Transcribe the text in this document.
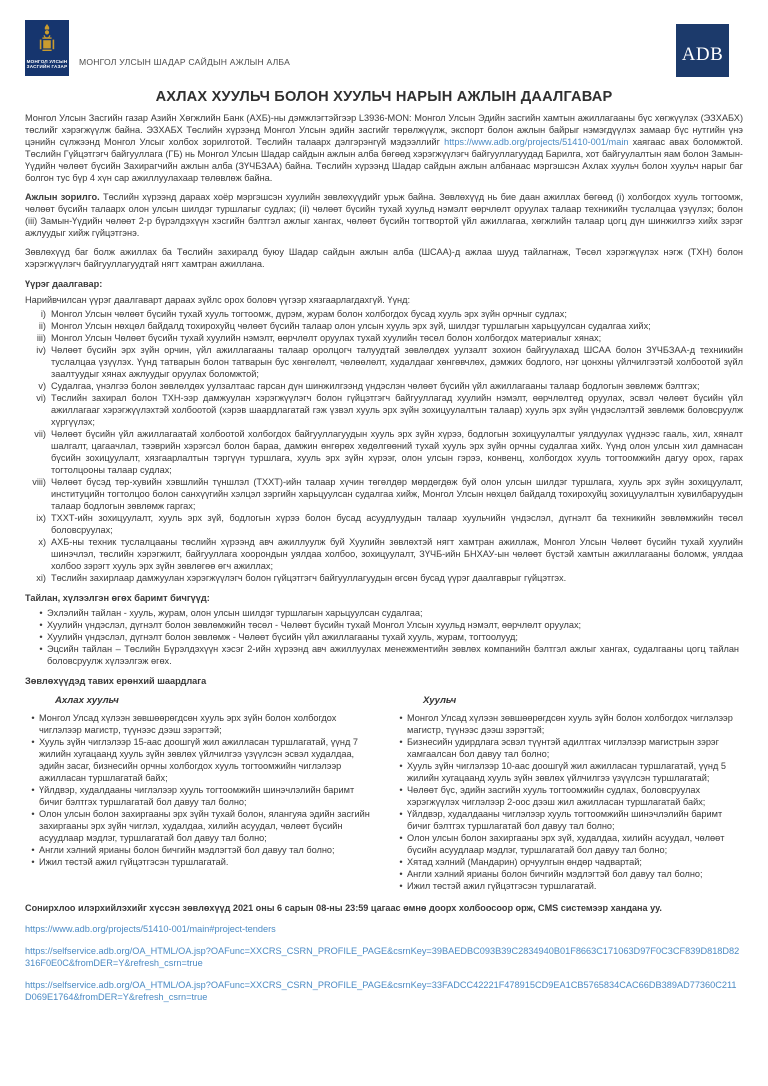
МОНГОЛ УЛСЫН
ЗАСГИЙН ГАЗАР МОНГОЛ УЛСЫН ШАДАР САЙДЫН АЖЛЫН АЛБА	ADB
АХЛАХ ХУУЛЬЧ БОЛОН ХУУЛЬЧ НАРЫН АЖЛЫН ДААЛГАВАР

Монгол Улсын Засгийн газар Азийн Хөгжлийн Банк (АХБ)-ны дэмжлэгтэйгээр L3936-MON: Монгол Улсын Эдийн засгийн хамтын ажиллагааны бүс хөгжүүлэх (ЭЗХАБХ) төслийг хэрэгжүүлж байна. ЭЗХАБХ Төслийн хүрээнд Монгол Улсын эдийн засгийг төрөлжүүлж, экспорт болон ажлын байрыг нэмэгдүүлэх замаар бүс нутгийн үнэ цэнийн сүлжээнд Монгол Улсыг холбох зорилготой. Төслийн талаарх дэлгэрэнгүй мэдээллийг https://www.adb.org/projects/51410-001/main хаягаас авах боломжтой. Төслийн Гүйцэтгэгч байгууллага (ГБ) нь Монгол Улсын Шадар сайдын ажлын алба бөгөөд хэрэгжүүлэгч байгууллагуудад Барилга, хот байгуулалтын яам болон Замын-Үүдийн чөлөөт бүсийн Захирагчийн ажлын алба (ЗҮЧБЗАА) байна. Төслийн хүрээнд Шадар сайдын ажлын албанаас мэргэшсэн Ахлах хуульч болон хуульч нарыг баг болгон тус бүр 4 хүн сар ажиллуулахаар төлөвлөж байна.

Ажлын зорилго. Төслийн хүрээнд дараах хоёр мэргэшсэн хуулийн зөвлөхүүдийг урьж байна. Зөвлөхүүд нь бие даан ажиллах бөгөөд (i) холбогдох хууль тогтоомж, чөлөөт бүсийн талаарх олон улсын шилдэг туршлагыг судлах; (ii) чөлөөт бүсийн тухай хуульд нэмэлт өөрчлөлт оруулах талаар техникийн туслалцаа үзүүлэх; болон (iii) Замын-Үүдийн чөлөөт 2-р бүрэлдэхүүн хэсгийн бэлтгэл ажлыг хангах, чөлөөт бүсийн тогтвортой үйл ажиллагаа, хөгжлийн талаар цогц дүн шинжилгээ хийх зэрэг ажлуудыг хийж гүйцэтгэнэ.

Зөвлөхүүд баг болж ажиллах ба Төслийн захиралд буюу Шадар сайдын ажлын алба (ШСАА)-д ажлаа шууд тайлагнаж, Төсөл хэрэгжүүлэх нэгж (ТХН) болон хэрэгжүүлэгч байгууллагуудтай нягт хамтран ажиллана.

Үүрэг даалгавар:

Нарийвчилсан үүрэг даалгаварт дараах зүйлс орох боловч үүгээр хязгаарлагдахгүй. Үүнд:

i) Монгол Улсын чөлөөт бүсийн тухай хууль тогтоомж, дүрэм, журам болон холбогдох бусад хууль эрх зүйн орчныг судлах;
ii) Монгол Улсын нөхцөл байдалд тохирохуйц чөлөөт бүсийн талаар олон улсын хууль эрх зүй, шилдэг туршлагын харьцуулсан судалгаа хийх;
iii) Монгол Улсын Чөлөөт бүсийн тухай хуулийн нэмэлт, өөрчлөлт оруулах тухай хуулийн төсөл болон холбогдох материалыг хянах;
iv) Чөлөөт бүсийн эрх зүйн орчин, үйл ажиллагааны талаар оролцогч талуудтай зөвлөлдөх уулзалт зохион байгуулахад ШСАА болон ЗҮЧБЗАА-д техникийн туслалцаа үзүүлэх. Үүнд татварын болон татварын бус хөнгөлөлт, чөлөөлөлт, худалдааг хөнгөвчлөх, дэмжих бодлого, нэг цонхны үйлчилгээтэй холбоотой зүйл заалтуудыг хянах ажлуудыг оруулах боломжтой;
v) Судалгаа, үнэлгээ болон зөвлөлдөх уулзалтаас гарсан дүн шинжилгээнд үндэслэн чөлөөт бүсийн үйл ажиллагааны талаар бодлогын зөвлөмж бэлтгэх;
vi) Төслийн захирал болон ТХН-ээр дамжуулан хэрэгжүүлэгч болон гүйцэтгэгч байгууллагад хуулийн нэмэлт, өөрчлөлтөд оруулах, эсвэл чөлөөт бүсийн үйл ажиллагааг хэрэгжүүлэхтэй холбоотой (хэрэв шаардлагатай гэж үзвэл хууль эрх зүйн зохицуулалтын талаар) хууль эрх зүйн үндэслэлтэй зөвлөмж боловсруулж хүргүүлэх;
vii) Чөлөөт бүсийн үйл ажиллагаатай холбоотой холбогдох байгууллагуудын хууль эрх зүйн хүрээ, бодлогын зохицуулалтыг уялдуулах үүднээс гааль, хил, хяналт шалгалт, цагаачлал, тээврийн хэрэгсэл болон бараа, дамжин өнгөрөх хөдөлгөөний тухай хууль эрх зүйн орчны судалгаа хийх. Үүнд олон улсын хил дамнасан бүсийн зохицуулалт, хязгаарлалтын тэргүүн туршлага, хууль эрх зүйн хүрээг, олон улсын гэрээ, конвенц, холбогдох хууль тогтоомжийн дагуу орох, гарах тогтолцооны талаар судлах;
viii) Чөлөөт бүсэд төр-хувийн хэвшлийн түншлэл (ТХХТ)-ийн талаар хүчин төгөлдөр мөрдөгдөж буй олон улсын шилдэг туршлага, хууль эрх зүйн зохицуулалт, институцийн тогтолцоо болон санхүүгийн хэлцэл зэргийн харьцуулсан судалгаа хийж, Монгол Улсын нөхцөл байдалд тохирохуйц зохицуулалтын хувилбаруудын талаар бодлогын зөвлөмж гаргах;
ix) ТХХТ-ийн зохицуулалт, хууль эрх зүй, бодлогын хүрээ болон бусад асуудлуудын талаар хуульчийн үндэслэл, дүгнэлт ба техникийн зөвлөмжийн төсөл боловсруулах;
x) АХБ-ны техник туслалцааны төслийн хүрээнд авч ажиллуулж буй Хуулийн зөвлөхтэй нягт хамтран ажиллаж, Монгол Улсын Чөлөөт бүсийн тухай хуулийн шинэчлэл, төслийн хэрэгжилт, байгууллага хоорондын уялдаа холбоо, зохицуулалт, ЗҮЧБ-ийн БНХАУ-ын чөлөөт бүстэй хамтын ажиллагааны боломж, уялдаа холбоо зэрэгт хууль эрх зүйн зөвлөгөө өгч ажиллах;
xi) Төслийн захирлаар дамжуулан хэрэгжүүлэгч болон гүйцэтгэгч байгууллагуудын өгсөн бусад үүрэг даалгаврыг гүйцэтгэх.

Тайлан, хүлээлгэн өгөх баримт бичгүүд:

• Эхлэлийн тайлан - хууль, журам, олон улсын шилдэг туршлагын харьцуулсан судалгаа;
• Хуулийн үндэслэл, дүгнэлт болон зөвлөмжийн төсөл - Чөлөөт бүсийн тухай Монгол Улсын хуульд нэмэлт, өөрчлөлт оруулах;
• Хуулийн үндэслэл, дүгнэлт болон зөвлөмж - Чөлөөт бүсийн үйл ажиллагааны тухай хууль, журам, тогтоолууд;
• Эцсийн тайлан – Төслийн Бүрэлдэхүүн хэсэг 2-ийн хүрээнд авч ажиллуулах менежментийн зөвлөх компанийн бэлтгэл ажлыг хангах, судалгааны цогц тайлан боловсруулж хүлээлгэж өгөх.

Зөвлөхүүдэд тавих ерөнхий шаардлага

Ахлах хуульч
• Монгол Улсад хүлээн зөвшөөрөгдсөн хууль эрх зүйн болон холбогдох чиглэлээр магистр, түүнээс дээш зэрэгтэй;
• Хууль зүйн чиглэлээр 15-аас доошгүй жил ажилласан туршлагатай, үүнд 7 жилийн хугацаанд хууль зүйн зөвлөх үйлчилгээ үзүүлсэн эсвэл худалдаа, эдийн засаг, бизнесийн орчны холбогдох хууль тогтоомжийн чиглэлээр ажилласан туршлагатай байх;
• Үйлдвэр, худалдааны чиглэлээр хууль тогтоомжийн шинэчлэлийн баримт бичиг бэлтгэх туршлагатай бол давуу тал болно;
• Олон улсын болон захиргааны эрх зүйн тухай болон, ялангуяа эдийн засгийн захиргааны эрх зүйн чиглэл, худалдаа, хилийн асуудал, чөлөөт бүсийн асуудлаар мэдлэг, туршлагатай бол давуу тал болно;
• Англи хэлний ярианы болон бичгийн мэдлэгтэй бол давуу тал болно;
• Ижил төстэй ажил гүйцэтгэсэн туршлагатай.
Хуульч
• Монгол Улсад хүлээн зөвшөөрөгдсөн хууль зүйн болон холбогдох чиглэлээр магистр, түүнээс дээш зэрэгтэй;
• Бизнесийн удирдлага эсвэл түүнтэй адилтгах чиглэлээр магистрын зэрэг хамгаалсан бол давуу тал болно;
• Хууль зүйн чиглэлээр 10-аас доошгүй жил ажилласан туршлагатай, үүнд 5 жилийн хугацаанд хууль зүйн зөвлөх үйлчилгээ үзүүлсэн туршлагатай;
• Чөлөөт бүс, эдийн засгийн хууль тогтоомжийн судлах, боловсруулах хэрэгжүүлэх чиглэлээр 2-оос дээш жил ажилласан туршлагатай байх;
• Үйлдвэр, худалдааны чиглэлээр хууль тогтоомжийн шинэчлэлийн баримт бичиг бэлтгэх туршлагатай бол давуу тал болно;
• Олон улсын болон захиргааны эрх зүй, худалдаа, хилийн асуудал, чөлөөт бүсийн асуудлаар мэдлэг, туршлагатай бол давуу тал болно;
• Хятад хэлний (Мандарин) орчуулгын өндөр чадвартай;
• Англи хэлний ярианы болон бичгийн мэдлэгтэй бол давуу тал болно;
• Ижил төстэй ажил гүйцэтгэсэн туршлагатай.

Сонирхлоо илэрхийлэхийг хүссэн зөвлөхүүд 2021 оны 6 сарын 08-ны 23:59 цагаас өмнө доорх холбоосоор орж, CMS системээр хандана уу.

https://www.adb.org/projects/51410-001/main#project-tenders
https://selfservice.adb.org/OA_HTML/OA.jsp?OAFunc=XXCRS_CSRN_PROFILE_PAGE&csrnKey=39BAEDBC093B39C2834940B01F8663C171063D97F0C3CF839D818D82316F0E0C&fromDER=Y&refresh_csrn=true
https://selfservice.adb.org/OA_HTML/OA.jsp?OAFunc=XXCRS_CSRN_PROFILE_PAGE&csrnKey=33FADCC42221F478915CD9EA1CB5765834CAC66DB389AD77360C211D069E1764&fromDER=Y&refresh_csrn=true
